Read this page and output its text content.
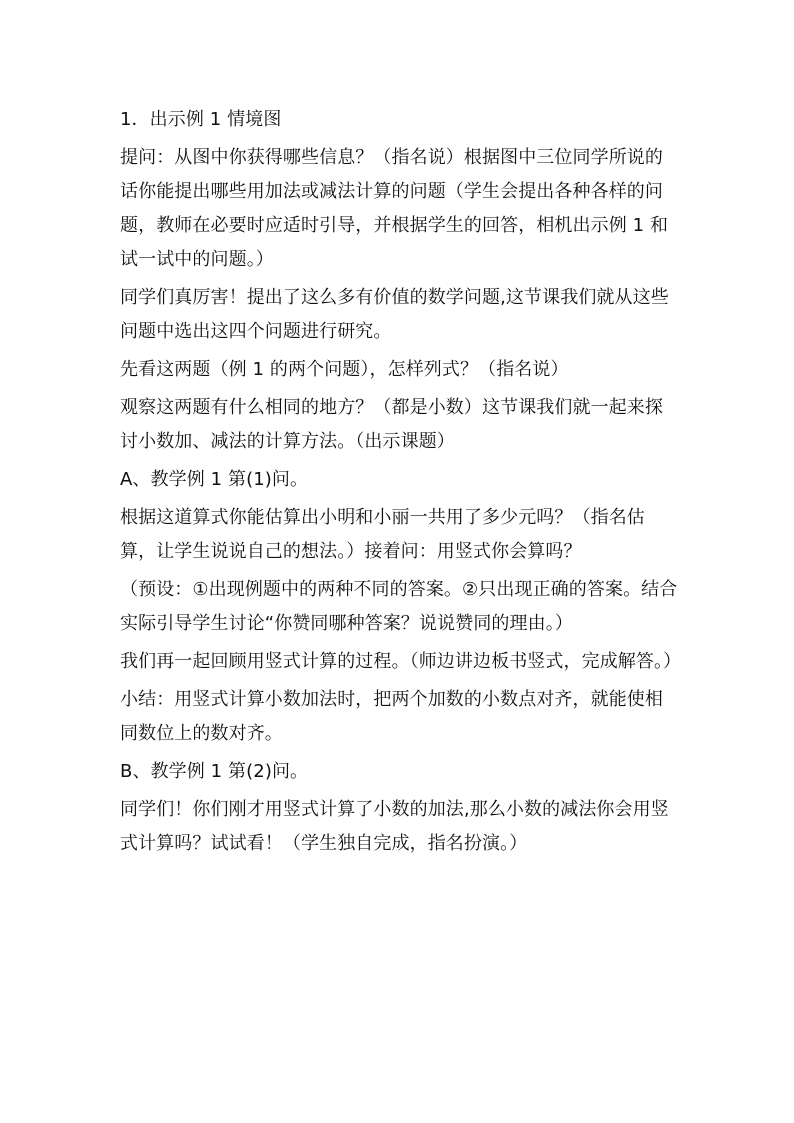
1．出示例 1 情境图

提问：从图中你获得哪些信息？（指名说）根据图中三位同学所说的话你能提出哪些用加法或减法计算的问题（学生会提出各种各样的问题，教师在必要时应适时引导，并根据学生的回答，相机出示例 1 和试一试中的问题。）

同学们真厉害！提出了这么多有价值的数学问题,这节课我们就从这些问题中选出这四个问题进行研究。

先看这两题（例 1 的两个问题），怎样列式？（指名说）

观察这两题有什么相同的地方？（都是小数）这节课我们就一起来探讨小数加、减法的计算方法。（出示课题）

A、教学例 1 第(1)问。

根据这道算式你能估算出小明和小丽一共用了多少元吗？（指名估算，让学生说说自己的想法。）接着问：用竖式你会算吗？

（预设：①出现例题中的两种不同的答案。②只出现正确的答案。结合实际引导学生讨论“你赞同哪种答案？说说赞同的理由。）

我们再一起回顾用竖式计算的过程。（师边讲边板书竖式，完成解答。）

小结：用竖式计算小数加法时，把两个加数的小数点对齐，就能使相同数位上的数对齐。

B、教学例 1 第(2)问。

同学们！你们刚才用竖式计算了小数的加法,那么小数的减法你会用竖式计算吗？试试看！（学生独自完成，指名扮演。）
